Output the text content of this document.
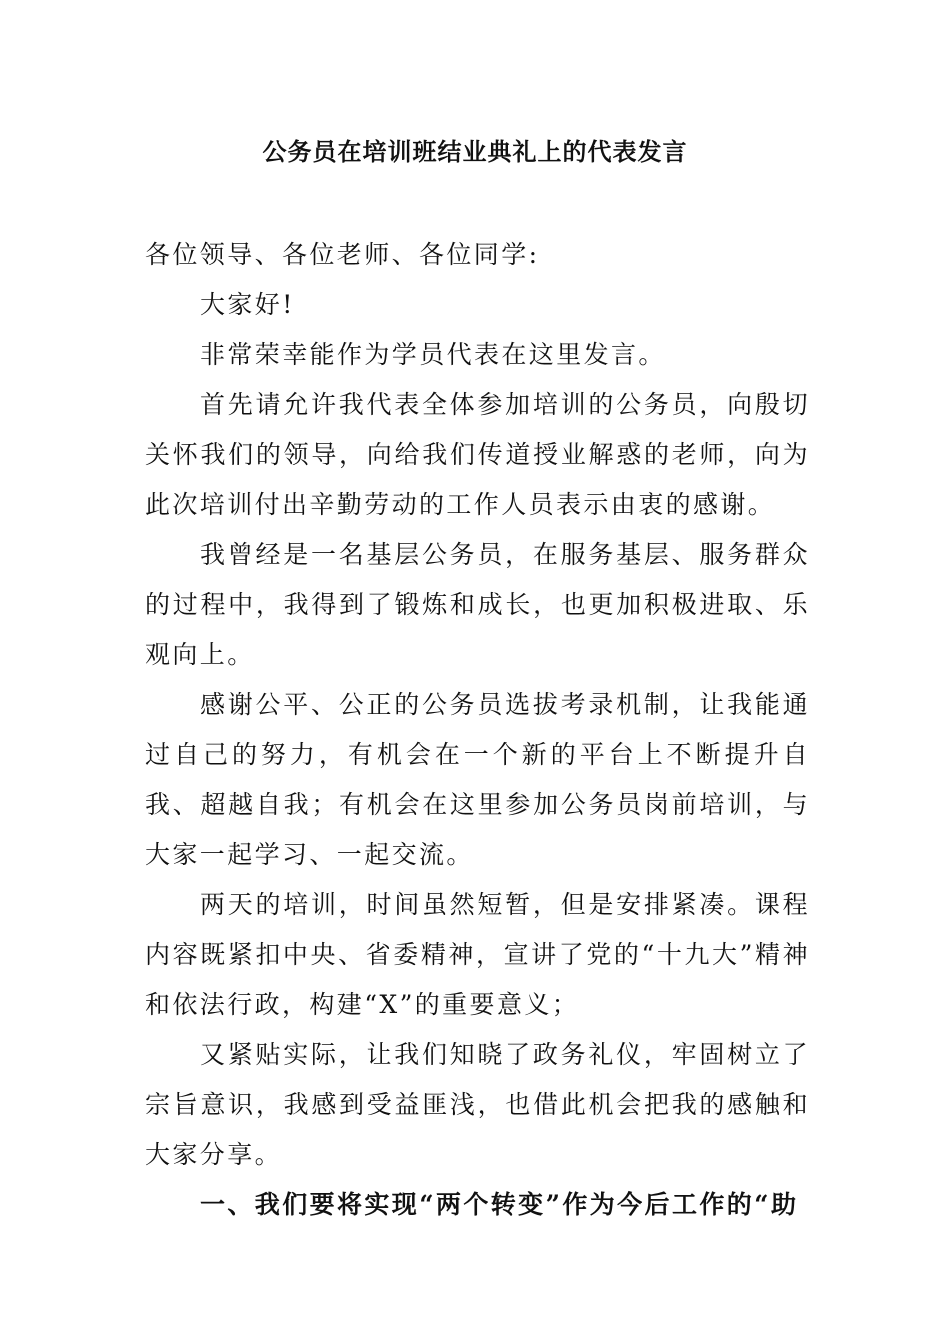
公务员在培训班结业典礼上的代表发言

各位领导、各位老师、各位同学:

大家好!

非常荣幸能作为学员代表在这里发言。

首先请允许我代表全体参加培训的公务员，向殷切关怀我们的领导，向给我们传道授业解惑的老师，向为此次培训付出辛勤劳动的工作人员表示由衷的感谢。

我曾经是一名基层公务员，在服务基层、服务群众的过程中，我得到了锻炼和成长，也更加积极进取、乐观向上。

感谢公平、公正的公务员选拔考录机制，让我能通过自己的努力，有机会在一个新的平台上不断提升自我、超越自我；有机会在这里参加公务员岗前培训，与大家一起学习、一起交流。

两天的培训，时间虽然短暂，但是安排紧凑。课程内容既紧扣中央、省委精神，宣讲了党的“十九大”精神和依法行政，构建“X”的重要意义；

又紧贴实际，让我们知晓了政务礼仪，牢固树立了宗旨意识，我感到受益匪浅，也借此机会把我的感触和大家分享。

一、我们要将实现“两个转变”作为今后工作的“助
